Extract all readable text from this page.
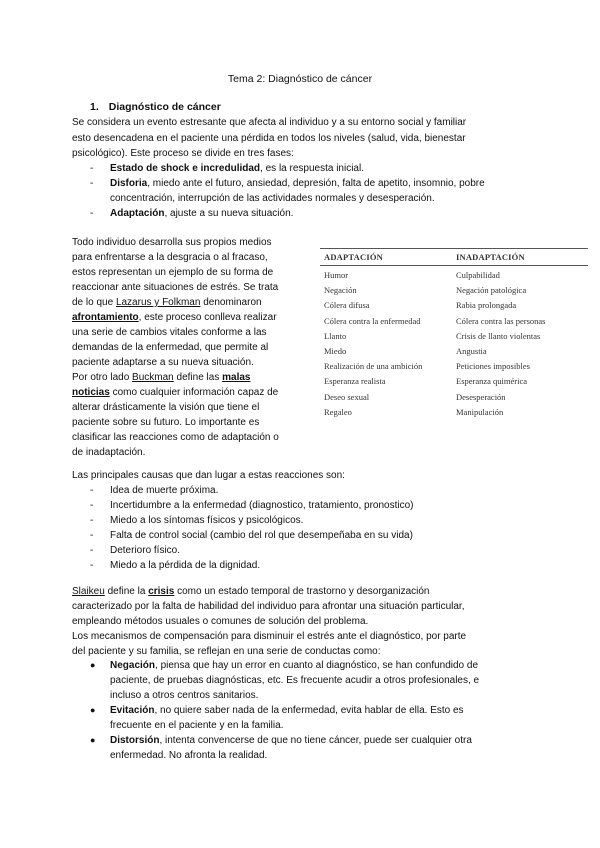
Tema 2: Diagnóstico de cáncer
1. Diagnóstico de cáncer
Se considera un evento estresante que afecta al individuo y a su entorno social y familiar
esto desencadena en el paciente una pérdida en todos los niveles (salud, vida, bienestar
psicológico). Este proceso se divide en tres fases:
- Estado de shock e incredulidad, es la respuesta inicial.
- Disforia, miedo ante el futuro, ansiedad, depresión, falta de apetito, insomnio, pobre
concentración, interrupción de las actividades normales y desesperación.
- Adaptación, ajuste a su nueva situación.
Todo individuo desarrolla sus propios medios
para enfrentarse a la desgracia o al fracaso,
estos representan un ejemplo de su forma de
reaccionar ante situaciones de estrés. Se trata
de lo que Lazarus y Folkman denominaron
afrontamiento, este proceso conlleva realizar
una serie de cambios vitales conforme a las
demandas de la enfermedad, que permite al
paciente adaptarse a su nueva situación.
Por otro lado Buckman define las malas
noticias como cualquier información capaz de
alterar drásticamente la visión que tiene el
paciente sobre su futuro. Lo importante es
clasificar las reacciones como de adaptación o
de inadaptación.
ADAPTACIÓN	INADAPTACIÓN
Humor	Culpabilidad
Negación	Negación patológica
Cólera difusa	Rabia prolongada
Cólera contra la enfermedad	Cólera contra las personas
Llanto	Crisis de llanto violentas
Miedo	Angustia
Realización de una ambición	Peticiones imposibles
Esperanza realista	Esperanza quimérica
Deseo sexual	Desesperación
Regaleo	Manipulación
Las principales causas que dan lugar a estas reacciones son:
- Idea de muerte próxima.
- Incertidumbre a la enfermedad (diagnostico, tratamiento, pronostico)
- Miedo a los síntomas físicos y psicológicos.
- Falta de control social (cambio del rol que desempeñaba en su vida)
- Deterioro físico.
- Miedo a la pérdida de la dignidad.
Slaikeu define la crisis como un estado temporal de trastorno y desorganización
caracterizado por la falta de habilidad del individuo para afrontar una situación particular,
empleando métodos usuales o comunes de solución del problema.
Los mecanismos de compensación para disminuir el estrés ante el diagnóstico, por parte
del paciente y su familia, se reflejan en una serie de conductas como:
● Negación, piensa que hay un error en cuanto al diagnóstico, se han confundido de
paciente, de pruebas diagnósticas, etc. Es frecuente acudir a otros profesionales, e
incluso a otros centros sanitarios.
● Evitación, no quiere saber nada de la enfermedad, evita hablar de ella. Esto es
frecuente en el paciente y en la familia.
● Distorsión, intenta convencerse de que no tiene cáncer, puede ser cualquier otra
enfermedad. No afronta la realidad.
